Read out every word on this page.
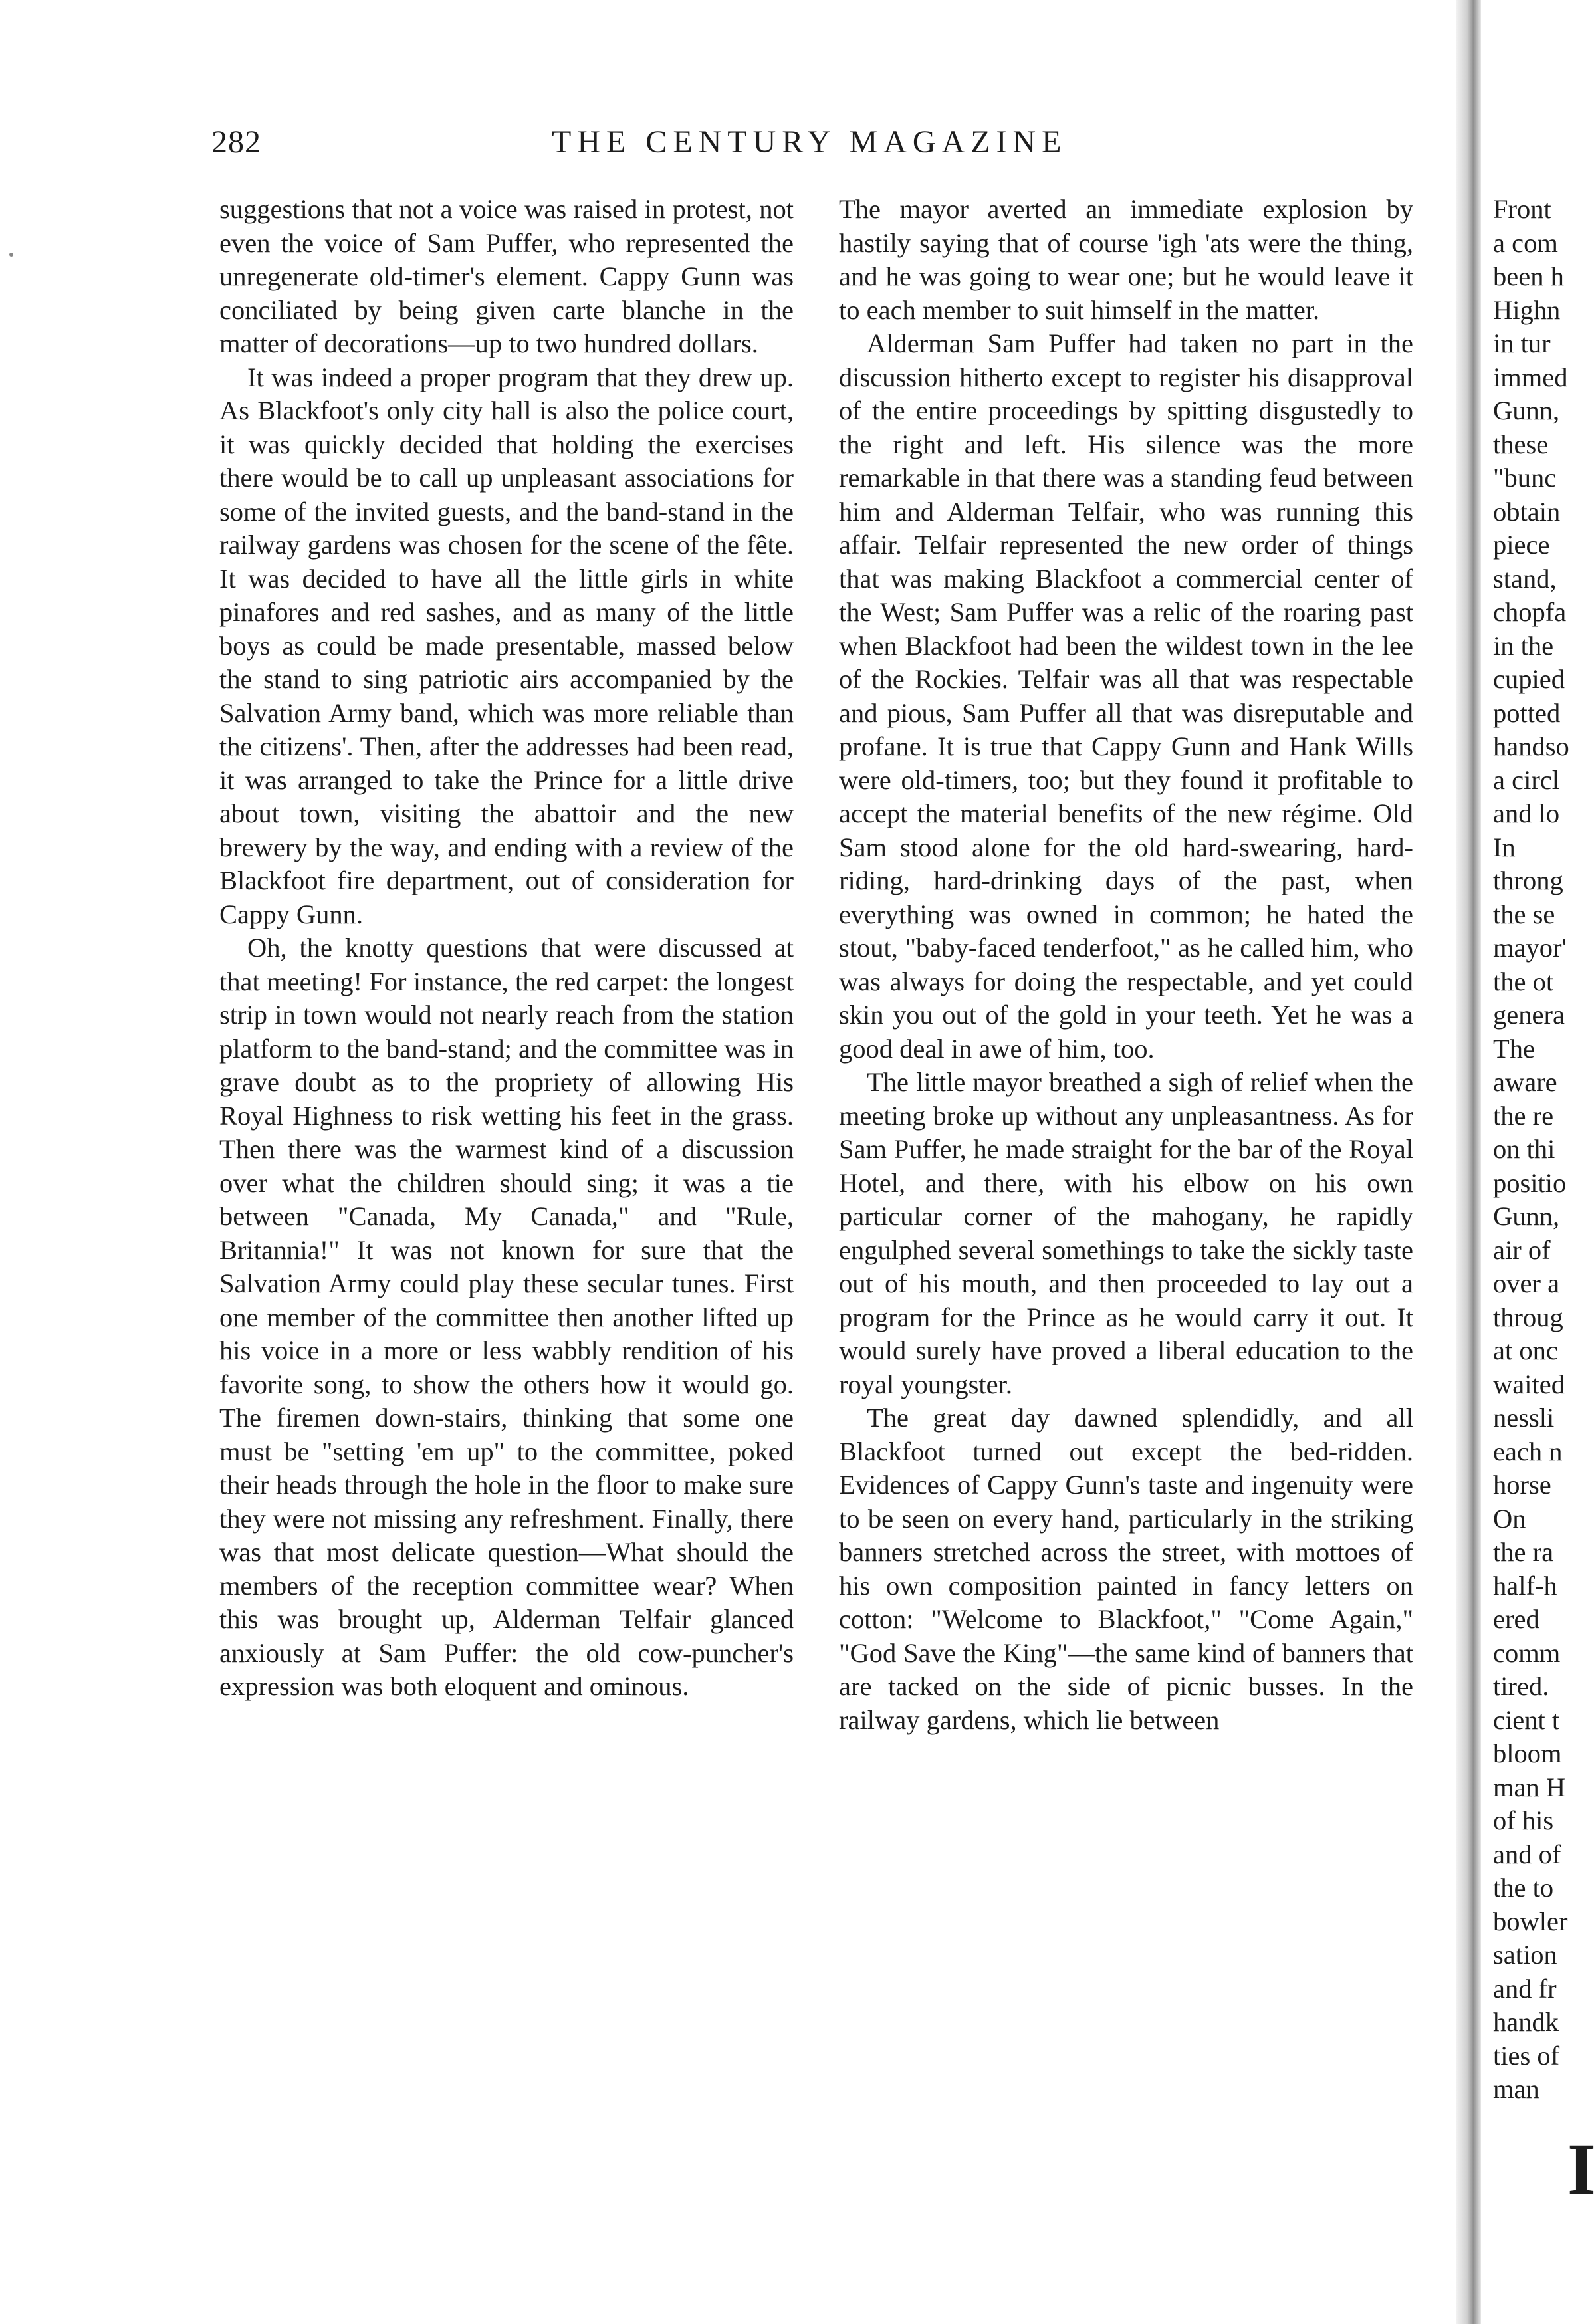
282	THE CENTURY MAGAZINE

suggestions that not a voice was raised in protest, not even the voice of Sam Puffer, who represented the unregenerate old-timer's element. Cappy Gunn was conciliated by being given carte blanche in the matter of decorations—up to two hundred dollars.

It was indeed a proper program that they drew up. As Blackfoot's only city hall is also the police court, it was quickly decided that holding the exercises there would be to call up unpleasant associations for some of the invited guests, and the band-stand in the railway gardens was chosen for the scene of the fête. It was decided to have all the little girls in white pinafores and red sashes, and as many of the little boys as could be made presentable, massed below the stand to sing patriotic airs accompanied by the Salvation Army band, which was more reliable than the citizens'. Then, after the addresses had been read, it was arranged to take the Prince for a little drive about town, visiting the abattoir and the new brewery by the way, and ending with a review of the Blackfoot fire department, out of consideration for Cappy Gunn.

Oh, the knotty questions that were discussed at that meeting! For instance, the red carpet: the longest strip in town would not nearly reach from the station platform to the band-stand; and the committee was in grave doubt as to the propriety of allowing His Royal Highness to risk wetting his feet in the grass. Then there was the warmest kind of a discussion over what the children should sing; it was a tie between "Canada, My Canada," and "Rule, Britannia!" It was not known for sure that the Salvation Army could play these secular tunes. First one member of the committee then another lifted up his voice in a more or less wabbly rendition of his favorite song, to show the others how it would go. The firemen down-stairs, thinking that some one must be "setting 'em up" to the committee, poked their heads through the hole in the floor to make sure they were not missing any refreshment. Finally, there was that most delicate question—What should the members of the reception committee wear? When this was brought up, Alderman Telfair glanced anxiously at Sam Puffer: the old cow-puncher's expression was both eloquent and ominous.

The mayor averted an immediate explosion by hastily saying that of course 'igh 'ats were the thing, and he was going to wear one; but he would leave it to each member to suit himself in the matter.

Alderman Sam Puffer had taken no part in the discussion hitherto except to register his disapproval of the entire proceedings by spitting disgustedly to the right and left. His silence was the more remarkable in that there was a standing feud between him and Alderman Telfair, who was running this affair. Telfair represented the new order of things that was making Blackfoot a commercial center of the West; Sam Puffer was a relic of the roaring past when Blackfoot had been the wildest town in the lee of the Rockies. Telfair was all that was respectable and pious, Sam Puffer all that was disreputable and profane. It is true that Cappy Gunn and Hank Wills were old-timers, too; but they found it profitable to accept the material benefits of the new régime. Old Sam stood alone for the old hard-swearing, hard-riding, hard-drinking days of the past, when everything was owned in common; he hated the stout, "baby-faced tenderfoot," as he called him, who was always for doing the respectable, and yet could skin you out of the gold in your teeth. Yet he was a good deal in awe of him, too.

The little mayor breathed a sigh of relief when the meeting broke up without any unpleasantness. As for Sam Puffer, he made straight for the bar of the Royal Hotel, and there, with his elbow on his own particular corner of the mahogany, he rapidly engulphed several somethings to take the sickly taste out of his mouth, and then proceeded to lay out a program for the Prince as he would carry it out. It would surely have proved a liberal education to the royal youngster.

The great day dawned splendidly, and all Blackfoot turned out except the bed-ridden. Evidences of Cappy Gunn's taste and ingenuity were to be seen on every hand, particularly in the striking banners stretched across the street, with mottoes of his own composition painted in fancy letters on cotton: "Welcome to Blackfoot," "Come Again," "God Save the King"—the same kind of banners that are tacked on the side of picnic busses. In the railway gardens, which lie between

Front
a com
been h
Highn
in tur
immed
Gunn,
these
"bunc
obtain
piece
stand,
chopfa
in the
cupied
potted
handso
a circl
and lo
In
throng
the se
mayor'
the ot
genera
The
aware
the re
on thi
positio
Gunn,
air of
over a
throug
at onc
waited
nessli
each n
horse
On
the ra
half-h
ered
comm
tired.
cient t
bloom
man H
of his
and of
the to
bowler
sation
and fr
handk
ties of
man
I
